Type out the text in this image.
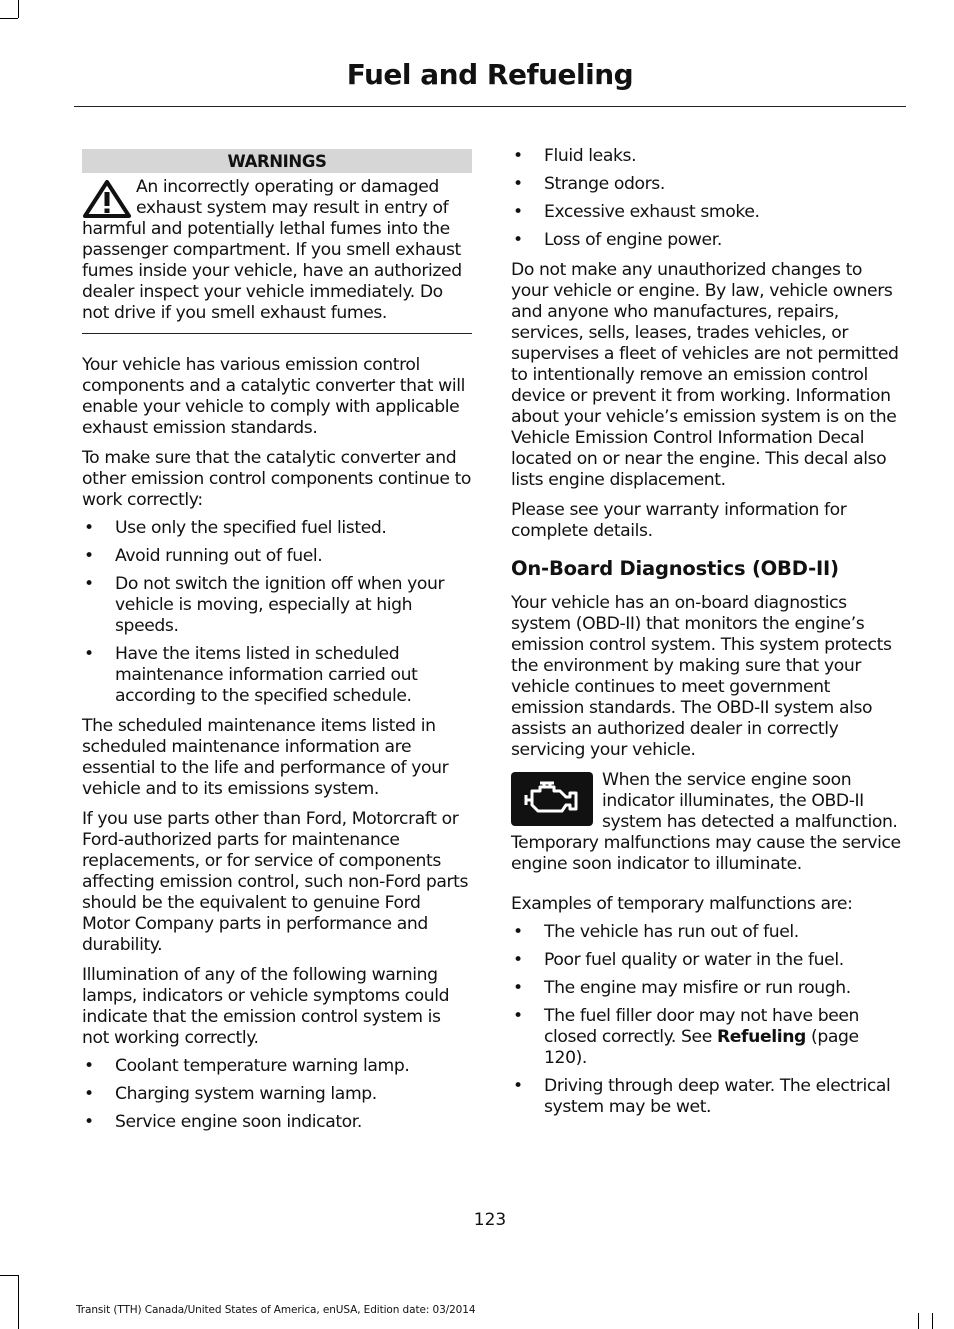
Fuel and Refueling
WARNINGS
An incorrectly operating or damaged exhaust system may result in entry of harmful and potentially lethal fumes into the passenger compartment. If you smell exhaust fumes inside your vehicle, have an authorized dealer inspect your vehicle immediately. Do not drive if you smell exhaust fumes.

Your vehicle has various emission control components and a catalytic converter that will enable your vehicle to comply with applicable exhaust emission standards.

To make sure that the catalytic converter and other emission control components continue to work correctly:

• Use only the specified fuel listed.
• Avoid running out of fuel.
• Do not switch the ignition off when your vehicle is moving, especially at high speeds.
• Have the items listed in scheduled maintenance information carried out according to the specified schedule.

The scheduled maintenance items listed in scheduled maintenance information are essential to the life and performance of your vehicle and to its emissions system.

If you use parts other than Ford, Motorcraft or Ford-authorized parts for maintenance replacements, or for service of components affecting emission control, such non-Ford parts should be the equivalent to genuine Ford Motor Company parts in performance and durability.

Illumination of any of the following warning lamps, indicators or vehicle symptoms could indicate that the emission control system is not working correctly.

• Coolant temperature warning lamp.
• Charging system warning lamp.
• Service engine soon indicator.
• Fluid leaks.
• Strange odors.
• Excessive exhaust smoke.
• Loss of engine power.

Do not make any unauthorized changes to your vehicle or engine. By law, vehicle owners and anyone who manufactures, repairs, services, sells, leases, trades vehicles, or supervises a fleet of vehicles are not permitted to intentionally remove an emission control device or prevent it from working. Information about your vehicle’s emission system is on the Vehicle Emission Control Information Decal located on or near the engine. This decal also lists engine displacement.

Please see your warranty information for complete details.

On-Board Diagnostics (OBD-II)

Your vehicle has an on-board diagnostics system (OBD-II) that monitors the engine’s emission control system. This system protects the environment by making sure that your vehicle continues to meet government emission standards. The OBD-II system also assists an authorized dealer in correctly servicing your vehicle.

When the service engine soon indicator illuminates, the OBD-II system has detected a malfunction. Temporary malfunctions may cause the service engine soon indicator to illuminate.

Examples of temporary malfunctions are:

• The vehicle has run out of fuel.
• Poor fuel quality or water in the fuel.
• The engine may misfire or run rough.
• The fuel filler door may not have been closed correctly. See Refueling (page 120).
• Driving through deep water. The electrical system may be wet.
123
Transit (TTH) Canada/United States of America, enUSA, Edition date: 03/2014
